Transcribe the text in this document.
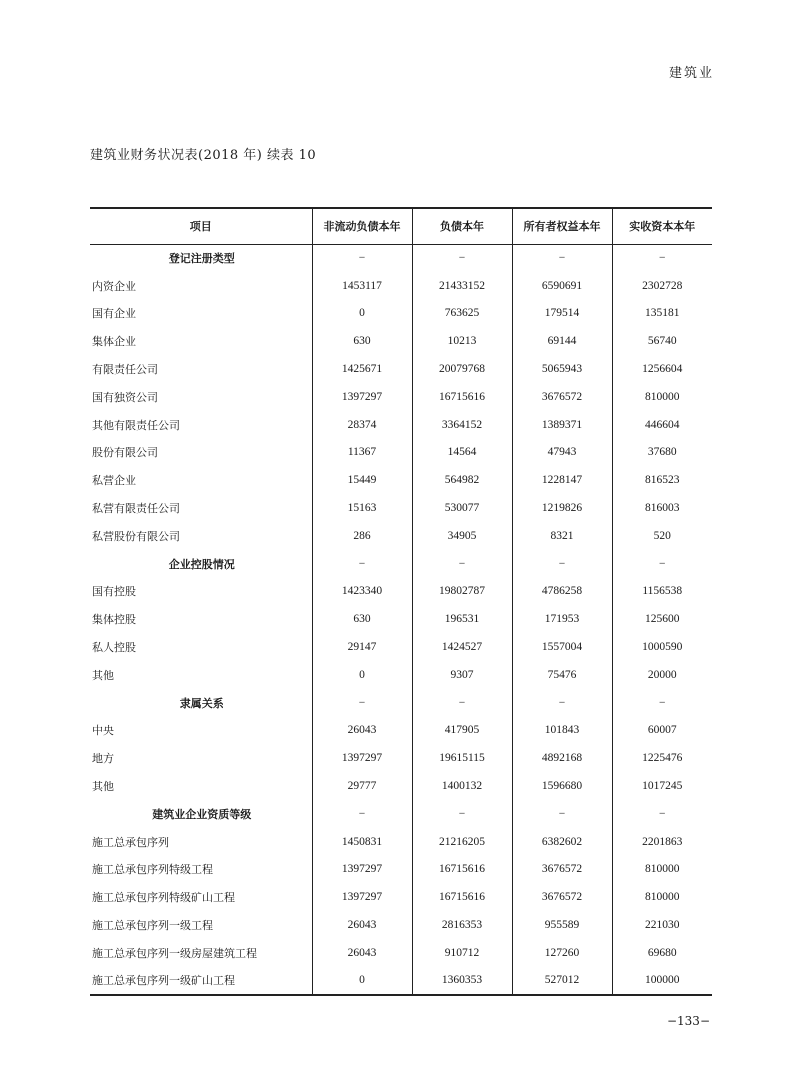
建筑业
建筑业财务状况表(2018 年) 续表 10
项目	非流动负债本年	负债本年	所有者权益本年	实收资本本年
登记注册类型	−	−	−	−
内资企业	1453117	21433152	6590691	2302728
国有企业	0	763625	179514	135181
集体企业	630	10213	69144	56740
有限责任公司	1425671	20079768	5065943	1256604
国有独资公司	1397297	16715616	3676572	810000
其他有限责任公司	28374	3364152	1389371	446604
股份有限公司	11367	14564	47943	37680
私营企业	15449	564982	1228147	816523
私营有限责任公司	15163	530077	1219826	816003
私营股份有限公司	286	34905	8321	520
企业控股情况	−	−	−	−
国有控股	1423340	19802787	4786258	1156538
集体控股	630	196531	171953	125600
私人控股	29147	1424527	1557004	1000590
其他	0	9307	75476	20000
隶属关系	−	−	−	−
中央	26043	417905	101843	60007
地方	1397297	19615115	4892168	1225476
其他	29777	1400132	1596680	1017245
建筑业企业资质等级	−	−	−	−
施工总承包序列	1450831	21216205	6382602	2201863
施工总承包序列特级工程	1397297	16715616	3676572	810000
施工总承包序列特级矿山工程	1397297	16715616	3676572	810000
施工总承包序列一级工程	26043	2816353	955589	221030
施工总承包序列一级房屋建筑工程	26043	910712	127260	69680
施工总承包序列一级矿山工程	0	1360353	527012	100000
−133−
